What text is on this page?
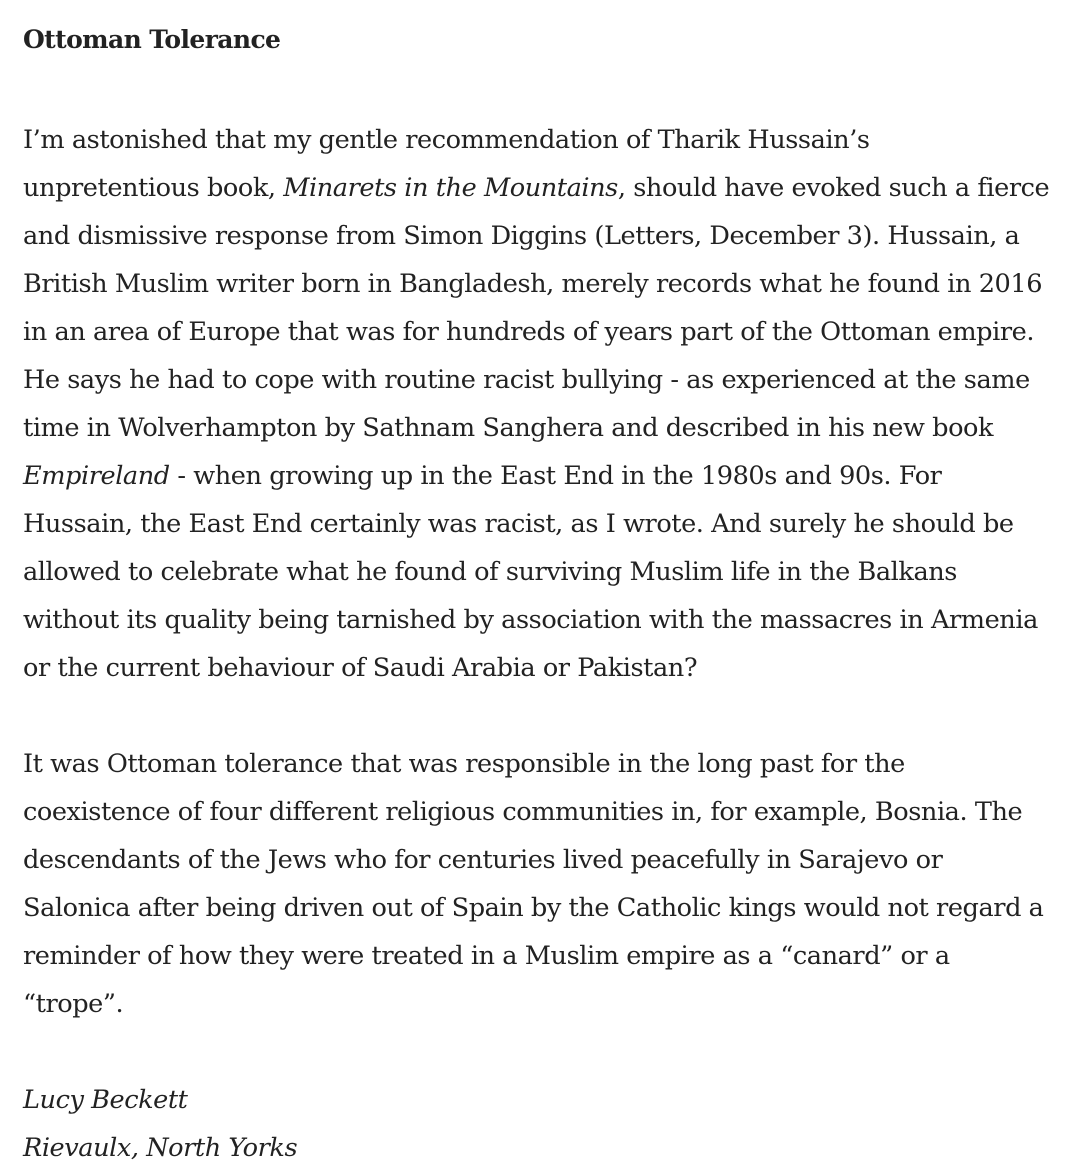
Ottoman Tolerance

I’m astonished that my gentle recommendation of Tharik Hussain’s unpretentious book, Minarets in the Mountains, should have evoked such a fierce and dismissive response from Simon Diggins (Letters, December 3). Hussain, a British Muslim writer born in Bangladesh, merely records what he found in 2016 in an area of Europe that was for hundreds of years part of the Ottoman empire. He says he had to cope with routine racist bullying - as experienced at the same time in Wolverhampton by Sathnam Sanghera and described in his new book Empireland - when growing up in the East End in the 1980s and 90s. For Hussain, the East End certainly was racist, as I wrote. And surely he should be allowed to celebrate what he found of surviving Muslim life in the Balkans without its quality being tarnished by association with the massacres in Armenia or the current behaviour of Saudi Arabia or Pakistan?

It was Ottoman tolerance that was responsible in the long past for the coexistence of four different religious communities in, for example, Bosnia. The descendants of the Jews who for centuries lived peacefully in Sarajevo or Salonica after being driven out of Spain by the Catholic kings would not regard a reminder of how they were treated in a Muslim empire as a “canard” or a “trope”.

Lucy Beckett
Rievaulx, North Yorks
